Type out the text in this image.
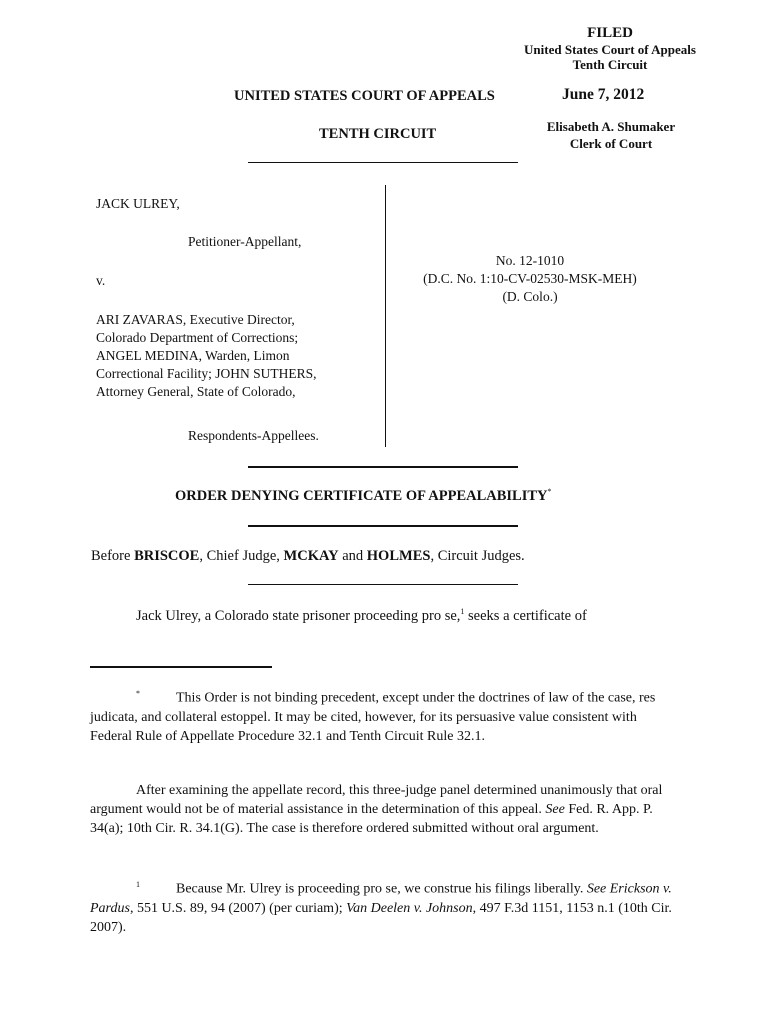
FILED
United States Court of Appeals
Tenth Circuit
June 7, 2012
Elisabeth A. Shumaker
Clerk of Court
UNITED STATES COURT OF APPEALS
TENTH CIRCUIT
JACK ULREY,
Petitioner-Appellant,
v.
ARI ZAVARAS, Executive Director,
Colorado Department of Corrections;
ANGEL MEDINA, Warden, Limon
Correctional Facility; JOHN SUTHERS,
Attorney General, State of Colorado,
Respondents-Appellees.
No. 12-1010
(D.C. No. 1:10-CV-02530-MSK-MEH)
(D. Colo.)
ORDER DENYING CERTIFICATE OF APPEALABILITY*
Before BRISCOE, Chief Judge, MCKAY and HOLMES, Circuit Judges.
Jack Ulrey, a Colorado state prisoner proceeding pro se,$^1$ seeks a certificate of
*	This Order is not binding precedent, except under the doctrines of law of the case, res judicata, and collateral estoppel. It may be cited, however, for its persuasive value consistent with Federal Rule of Appellate Procedure 32.1 and Tenth Circuit Rule 32.1.
After examining the appellate record, this three-judge panel determined unanimously that oral argument would not be of material assistance in the determination of this appeal. See Fed. R. App. P. 34(a); 10th Cir. R. 34.1(G). The case is therefore ordered submitted without oral argument.
$^1$	Because Mr. Ulrey is proceeding pro se, we construe his filings liberally. See Erickson v. Pardus, 551 U.S. 89, 94 (2007) (per curiam); Van Deelen v. Johnson, 497 F.3d 1151, 1153 n.1 (10th Cir. 2007).
